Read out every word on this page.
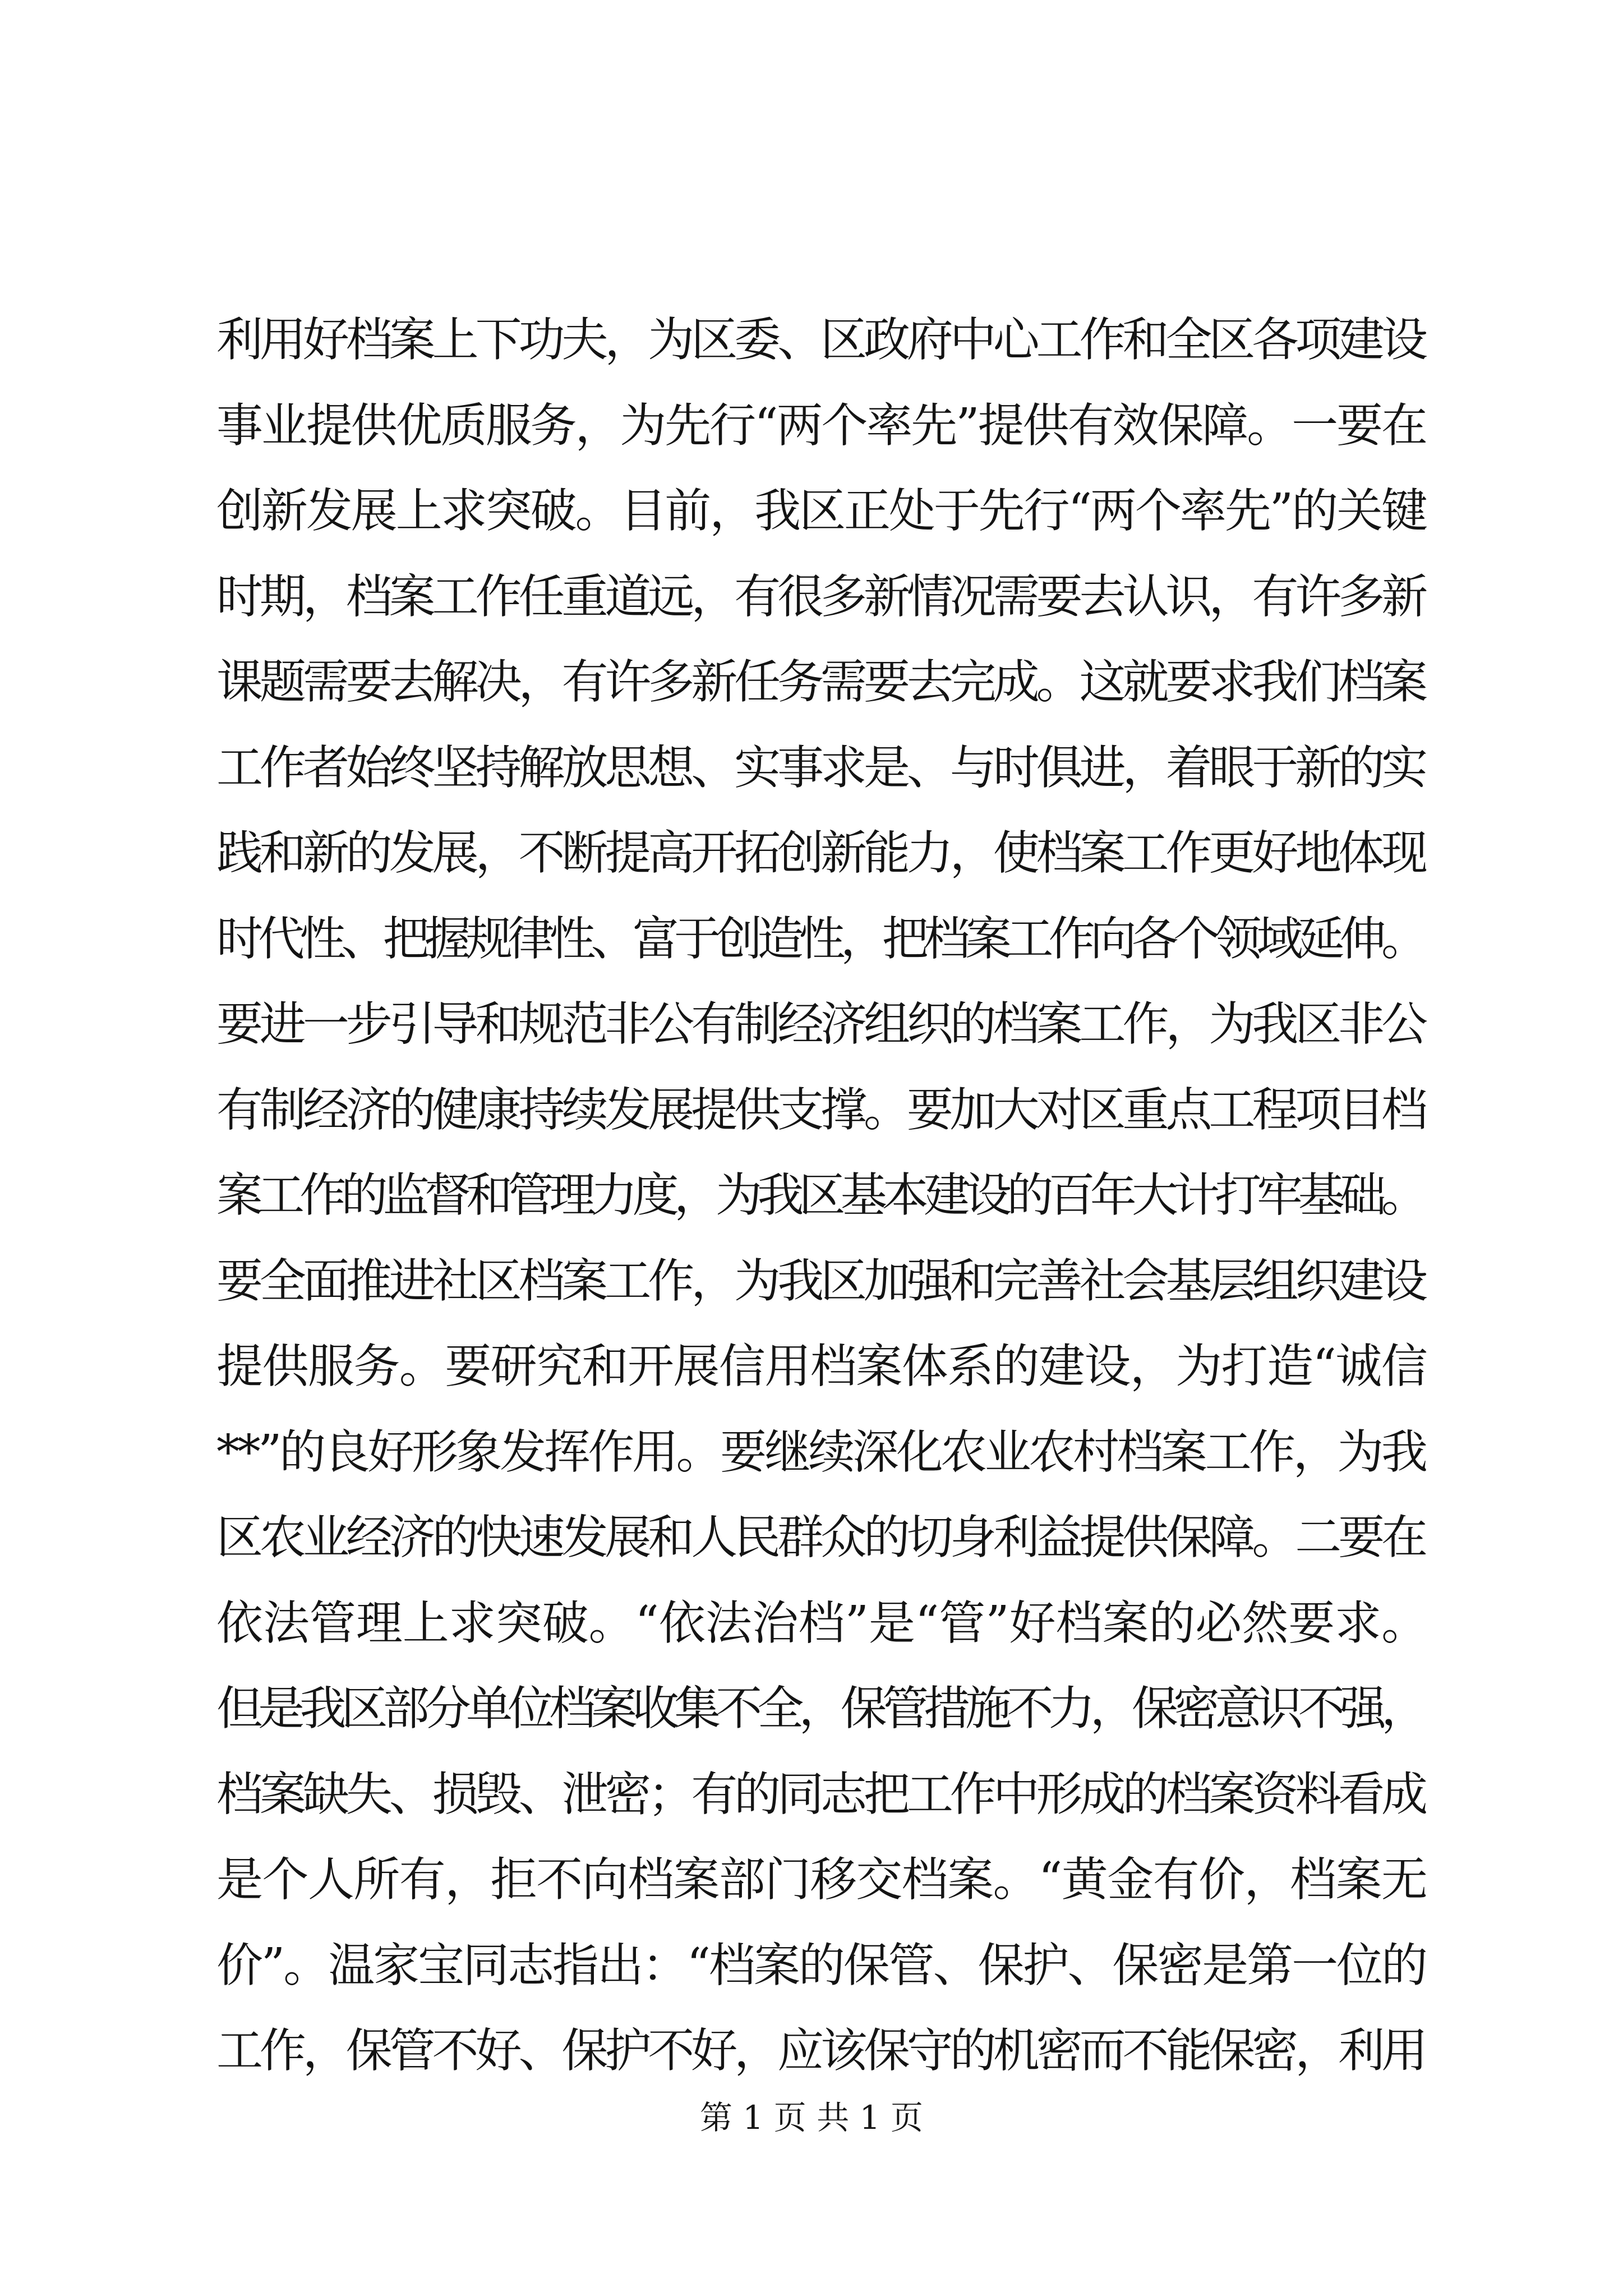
利用好档案上下功夫，为区委、区政府中心工作和全区各项建设
事业提供优质服务，为先行“两个率先”提供有效保障。一要在
创新发展上求突破。目前，我区正处于先行“两个率先”的关键
时期，档案工作任重道远，有很多新情况需要去认识，有许多新
课题需要去解决，有许多新任务需要去完成。这就要求我们档案
工作者始终坚持解放思想、实事求是、与时俱进，着眼于新的实
践和新的发展，不断提高开拓创新能力，使档案工作更好地体现
时代性、把握规律性、富于创造性，把档案工作向各个领域延伸。
要进一步引导和规范非公有制经济组织的档案工作，为我区非公
有制经济的健康持续发展提供支撑。要加大对区重点工程项目档
案工作的监督和管理力度，为我区基本建设的百年大计打牢基础。
要全面推进社区档案工作，为我区加强和完善社会基层组织建设
提供服务。要研究和开展信用档案体系的建设，为打造“诚信
**”的良好形象发挥作用。要继续深化农业农村档案工作，为我
区农业经济的快速发展和人民群众的切身利益提供保障。二要在
依法管理上求突破。“依法治档”是“管”好档案的必然要求。
但是我区部分单位档案收集不全，保管措施不力，保密意识不强，
档案缺失、损毁、泄密；有的同志把工作中形成的档案资料看成
是个人所有，拒不向档案部门移交档案。“黄金有价，档案无
价”。温家宝同志指出：“档案的保管、保护、保密是第一位的
工作，保管不好、保护不好，应该保守的机密而不能保密，利用
第 1 页 共 1 页
